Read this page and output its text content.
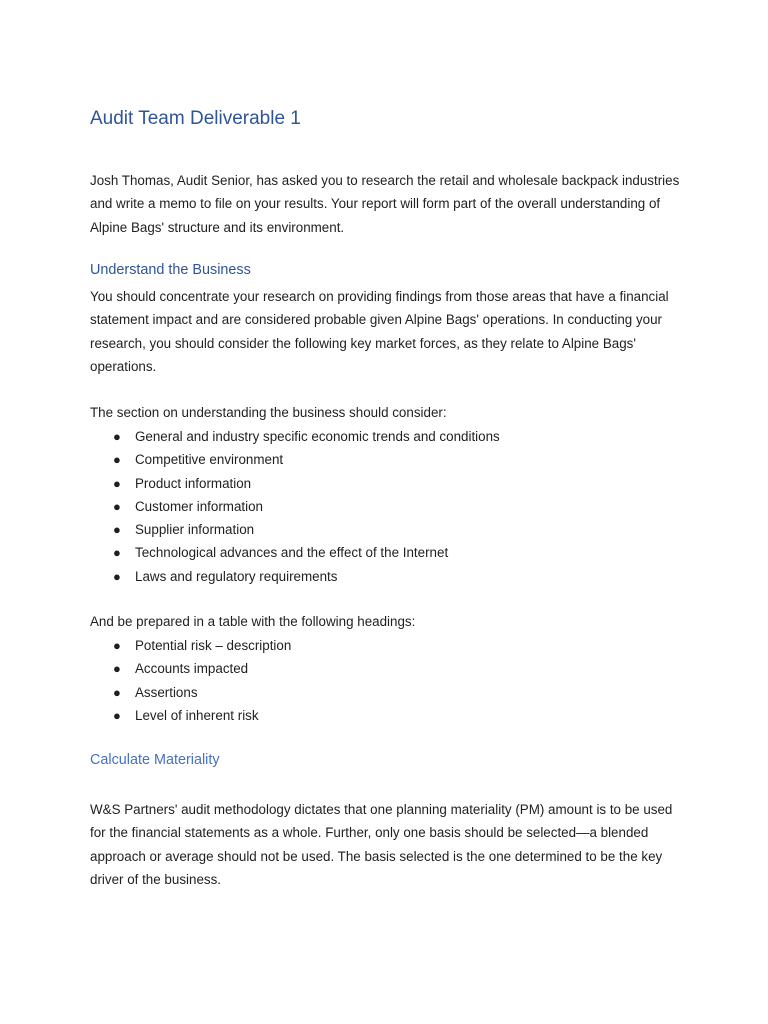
Audit Team Deliverable 1

Josh Thomas, Audit Senior, has asked you to research the retail and wholesale backpack industries and write a memo to file on your results. Your report will form part of the overall understanding of Alpine Bags' structure and its environment.

Understand the Business

You should concentrate your research on providing findings from those areas that have a financial statement impact and are considered probable given Alpine Bags' operations. In conducting your research, you should consider the following key market forces, as they relate to Alpine Bags' operations.

The section on understanding the business should consider:

● General and industry specific economic trends and conditions
● Competitive environment
● Product information
● Customer information
● Supplier information
● Technological advances and the effect of the Internet
● Laws and regulatory requirements

And be prepared in a table with the following headings:

● Potential risk – description
● Accounts impacted
● Assertions
● Level of inherent risk
Calculate Materiality

W&S Partners' audit methodology dictates that one planning materiality (PM) amount is to be used for the financial statements as a whole. Further, only one basis should be selected—a blended approach or average should not be used. The basis selected is the one determined to be the key driver of the business.
